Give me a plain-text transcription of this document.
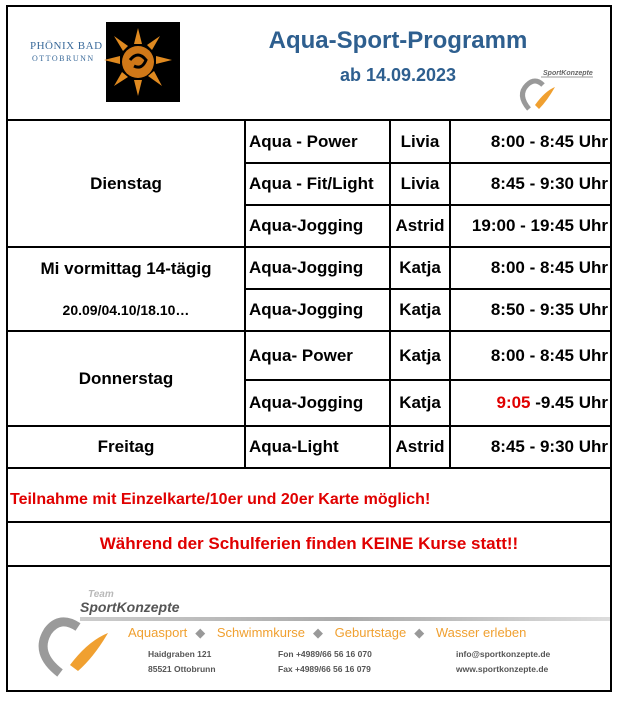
PHÖNIX BAD
OTTOBRUNN
Aqua-Sport-Programm
ab 14.09.2023	SportKonzepte
Dienstag	Aqua - Power	Livia	8:00 - 8:45 Uhr
	Aqua - Fit/Light	Livia	8:45 - 9:30 Uhr
	Aqua-Jogging	Astrid	19:00 - 19:45 Uhr
Mi vormittag 14-tägig	Aqua-Jogging	Katja	8:00 - 8:45 Uhr
20.09/04.10/18.10…	Aqua-Jogging	Katja	8:50 - 9:35 Uhr
Donnerstag	Aqua- Power	Katja	8:00 - 8:45 Uhr
	Aqua-Jogging	Katja	9:05 -9.45 Uhr
Freitag	Aqua-Light	Astrid	8:45 - 9:30 Uhr
Teilnahme mit Einzelkarte/10er und 20er Karte möglich!
Während der Schulferien finden KEINE Kurse statt!!
Team
SportKonzepte
Aquasport ◆ Schwimmkurse ◆ Geburtstage ◆ Wasser erleben
Haidgraben 121
85521 Ottobrunn
Fon +4989/66 56 16 070
Fax +4989/66 56 16 079
info@sportkonzepte.de
www.sportkonzepte.de
